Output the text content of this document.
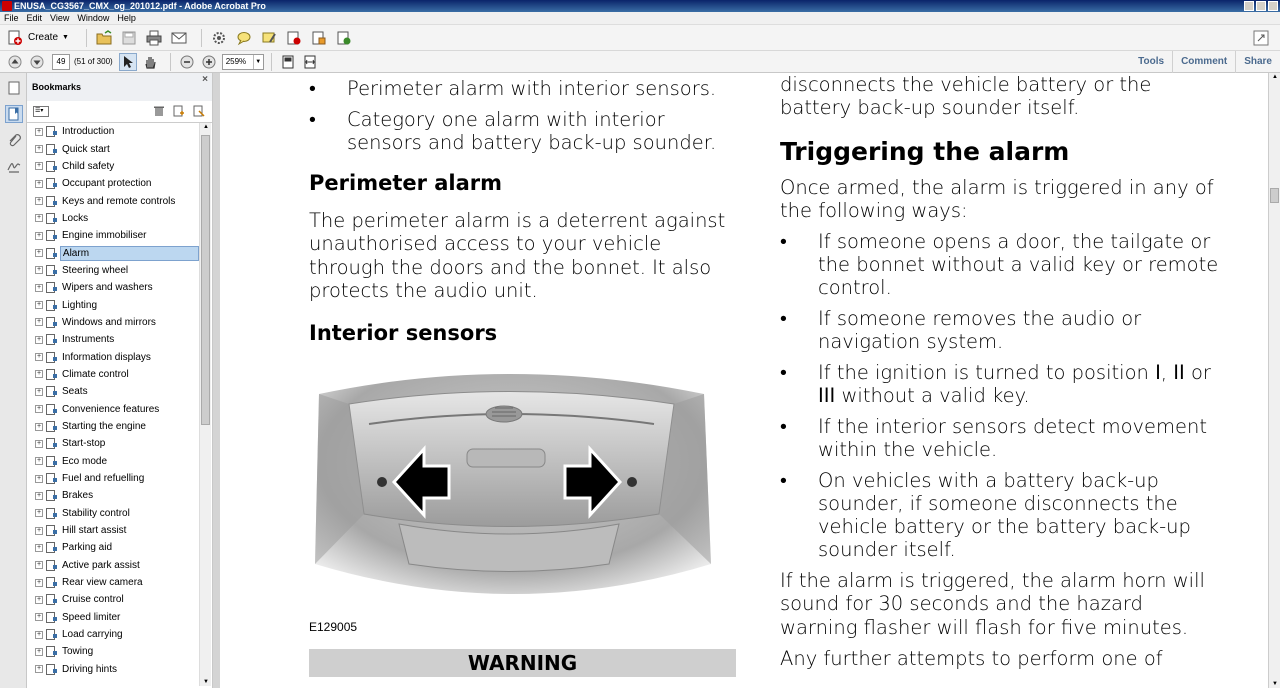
ENUSA_CG3567_CMX_og_201012.pdf - Adobe Acrobat Pro
File Edit View Window Help
Create ▼
49	(51 of 300)	259%	▼	Tools	Comment	Share
Bookmarks
×
☰▾
+ Introduction
+ Quick start
+ Child safety
+ Occupant protection
+ Keys and remote controls
+ Locks
+ Engine immobiliser
+	Alarm
+ Steering wheel
+ Wipers and washers
+ Lighting
+ Windows and mirrors
+ Instruments
+ Information displays
+ Climate control
+ Seats
+ Convenience features
+ Starting the engine
+ Start-stop
+ Eco mode
+ Fuel and refuelling
+ Brakes
+ Stability control
+ Hill start assist
+ Parking aid
+ Active park assist
+ Rear view camera
+ Cruise control
+ Speed limiter
+ Load carrying
+ Towing
+ Driving hints
▲
▼
• Perimeter alarm with interior sensors.
• Category one alarm with interior sensors and battery back-up sounder.
Perimeter alarm
The perimeter alarm is a deterrent against unauthorised access to your vehicle through the doors and the bonnet. It also protects the audio unit.
Interior sensors
E129005
WARNING
disconnects the vehicle battery or the battery back-up sounder itself.
Triggering the alarm
Once armed, the alarm is triggered in any of the following ways:
• If someone opens a door, the tailgate or the bonnet without a valid key or remote control.
• If someone removes the audio or navigation system.
• If the ignition is turned to position I, II or III without a valid key.
• If the interior sensors detect movement within the vehicle.
• On vehicles with a battery back-up sounder, if someone disconnects the vehicle battery or the battery back-up sounder itself.
If the alarm is triggered, the alarm horn will sound for 30 seconds and the hazard warning flasher will flash for five minutes.
Any further attempts to perform one of
▲
▼
